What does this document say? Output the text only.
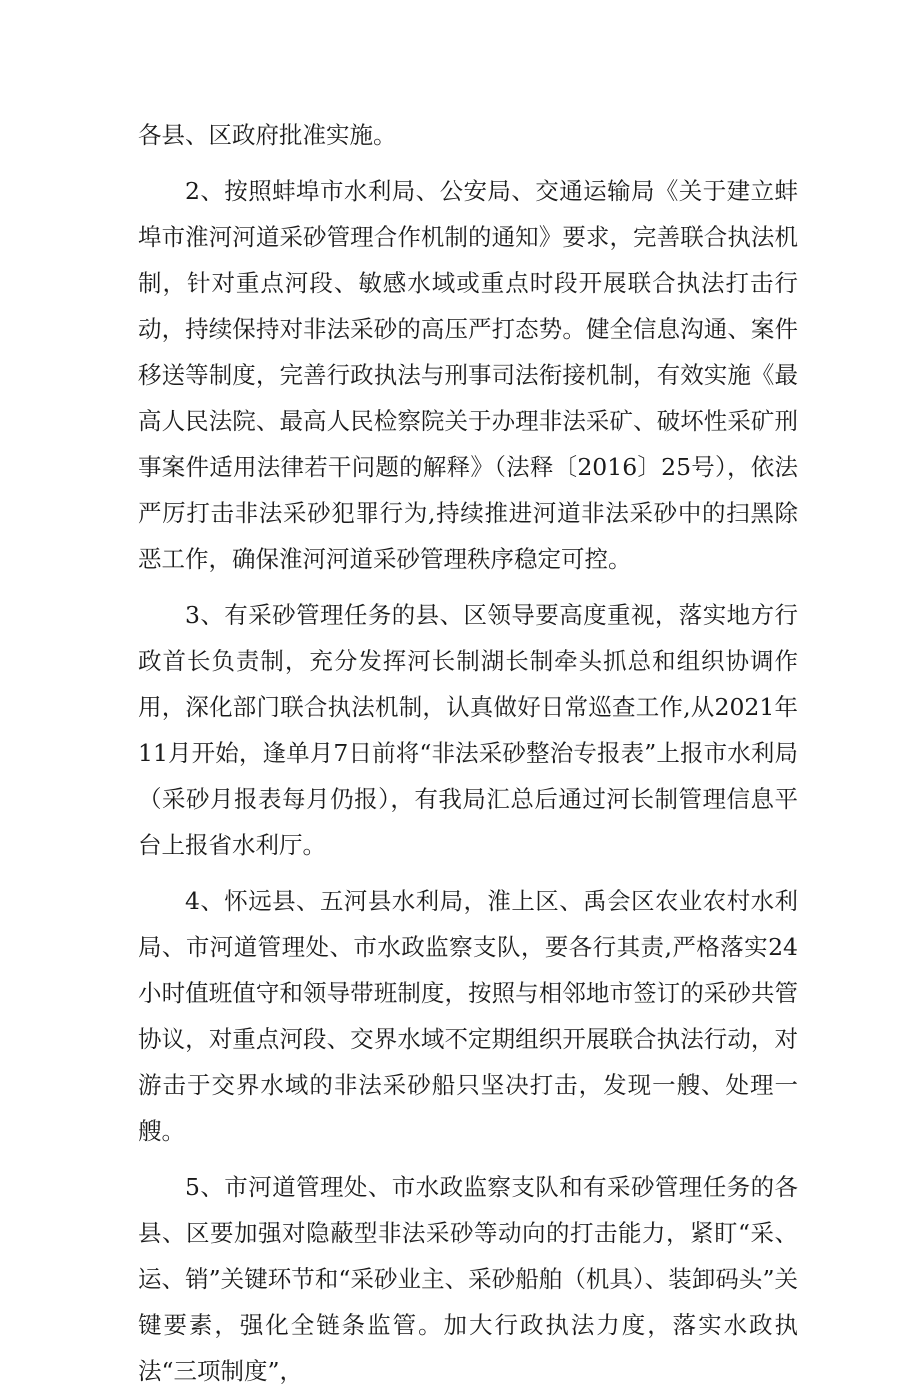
各县、区政府批准实施。

2、按照蚌埠市水利局、公安局、交通运输局《关于建立蚌埠市淮河河道采砂管理合作机制的通知》要求，完善联合执法机制，针对重点河段、敏感水域或重点时段开展联合执法打击行动，持续保持对非法采砂的高压严打态势。健全信息沟通、案件移送等制度，完善行政执法与刑事司法衔接机制，有效实施《最高人民法院、最高人民检察院关于办理非法采矿、破坏性采矿刑事案件适用法律若干问题的解释》（法释〔2016〕25号），依法严厉打击非法采砂犯罪行为,持续推进河道非法采砂中的扫黑除恶工作，确保淮河河道采砂管理秩序稳定可控。

3、有采砂管理任务的县、区领导要高度重视，落实地方行政首长负责制，充分发挥河长制湖长制牵头抓总和组织协调作用，深化部门联合执法机制，认真做好日常巡查工作,从2021年11月开始，逢单月7日前将“非法采砂整治专报表”上报市水利局（采砂月报表每月仍报），有我局汇总后通过河长制管理信息平台上报省水利厅。

4、怀远县、五河县水利局，淮上区、禹会区农业农村水利局、市河道管理处、市水政监察支队，要各行其责,严格落实24小时值班值守和领导带班制度，按照与相邻地市签订的采砂共管协议，对重点河段、交界水域不定期组织开展联合执法行动，对游击于交界水域的非法采砂船只坚决打击，发现一艘、处理一艘。

5、市河道管理处、市水政监察支队和有采砂管理任务的各县、区要加强对隐蔽型非法采砂等动向的打击能力，紧盯“采、运、销”关键环节和“采砂业主、采砂船舶（机具）、装卸码头”关键要素，强化全链条监管。加大行政执法力度，落实水政执法“三项制度”，
